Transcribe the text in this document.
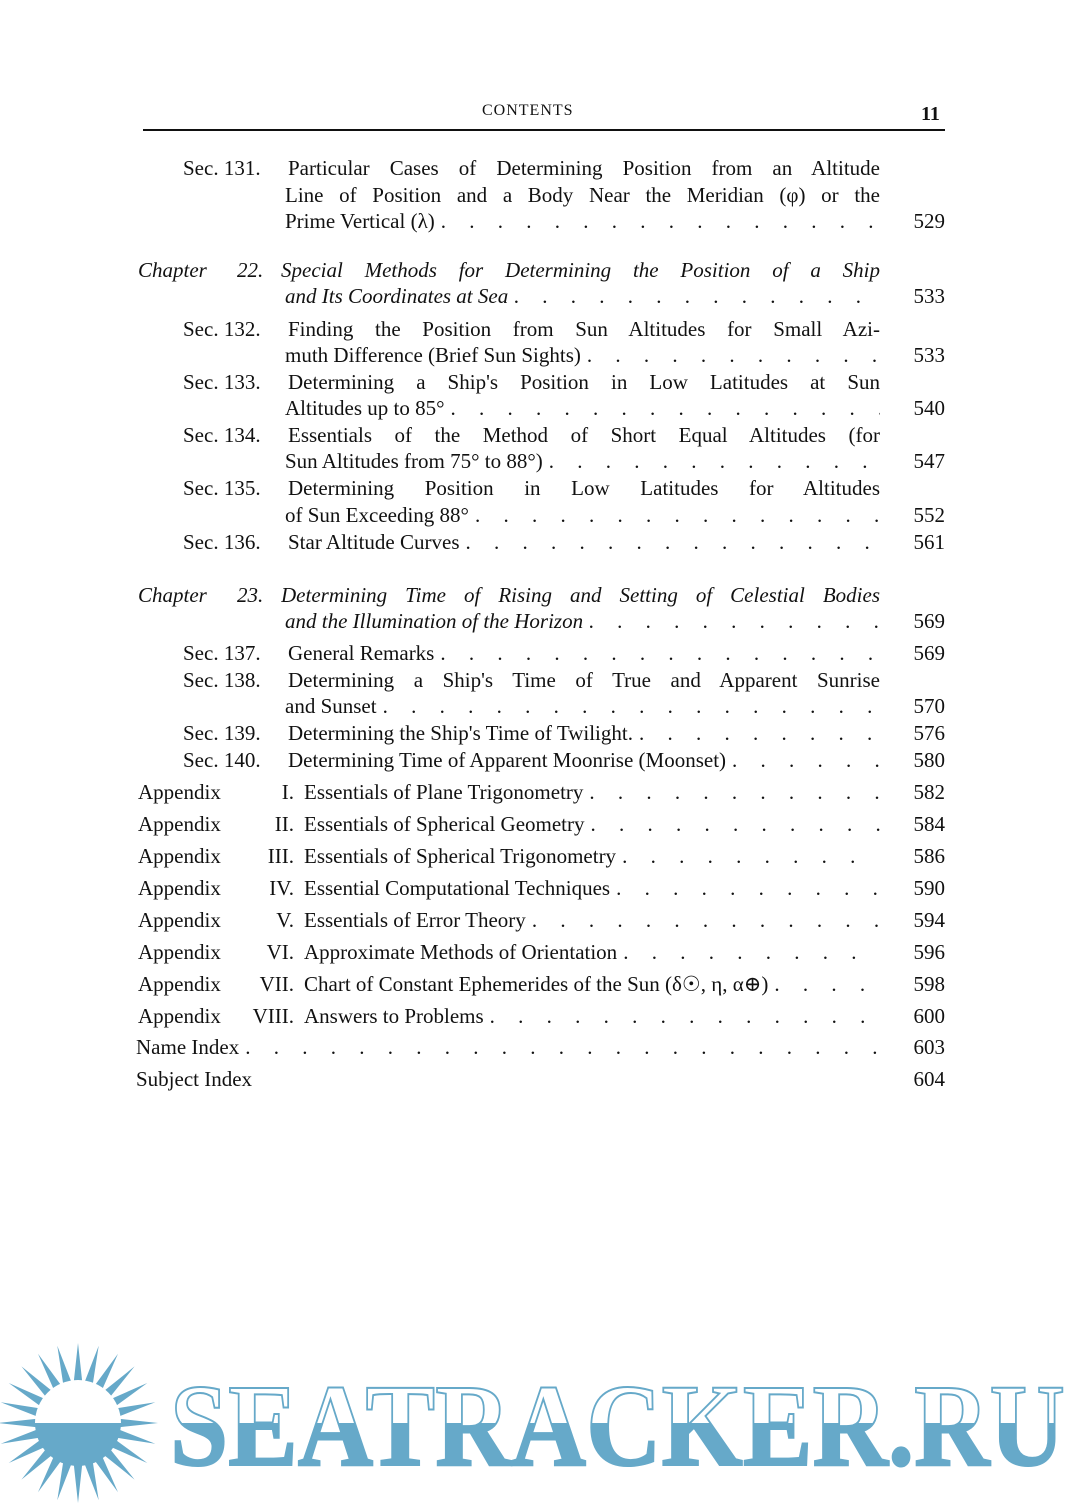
CONTENTS	11
Sec. 131. Particular Cases of Determining Position from an Altitude
Line of Position and a Body Near the Meridian (φ) or the
Prime Vertical (λ) . . .	529
Chapter 22. Special Methods for Determining the Position of a Ship
and Its Coordinates at Sea . . .	533
Sec. 132. Finding the Position from Sun Altitudes for Small Azi-
muth Difference (Brief Sun Sights) . . .	533
Sec. 133. Determining a Ship's Position in Low Latitudes at Sun
Altitudes up to 85° . . .	540
Sec. 134. Essentials of the Method of Short Equal Altitudes (for
Sun Altitudes from 75° to 88°) . . .	547
Sec. 135. Determining Position in Low Latitudes for Altitudes
of Sun Exceeding 88° . . .	552
Sec. 136. Star Altitude Curves . . .	561
Chapter 23. Determining Time of Rising and Setting of Celestial Bodies
and the Illumination of the Horizon . . .	569
Sec. 137. General Remarks . . .	569
Sec. 138. Determining a Ship's Time of True and Apparent Sunrise
and Sunset . . .	570
Sec. 139. Determining the Ship's Time of Twilight. . . .	576
Sec. 140. Determining Time of Apparent Moonrise (Moonset) . . .	580
Appendix	I. Essentials of Plane Trigonometry . . .	582
Appendix	II. Essentials of Spherical Geometry . . .	584
Appendix III. Essentials of Spherical Trigonometry . . .	586
Appendix IV. Essential Computational Techniques . . .	590
Appendix	V. Essentials of Error Theory . . .	594
Appendix VI. Approximate Methods of Orientation . . .	596
Appendix VII. Chart of Constant Ephemerides of the Sun (δ☉, η, α⊕) . . .	598
Appendix VIII. Answers to Problems . . .	600
Name Index . . .	603
Subject Index	604
SEATRACKER.RU
